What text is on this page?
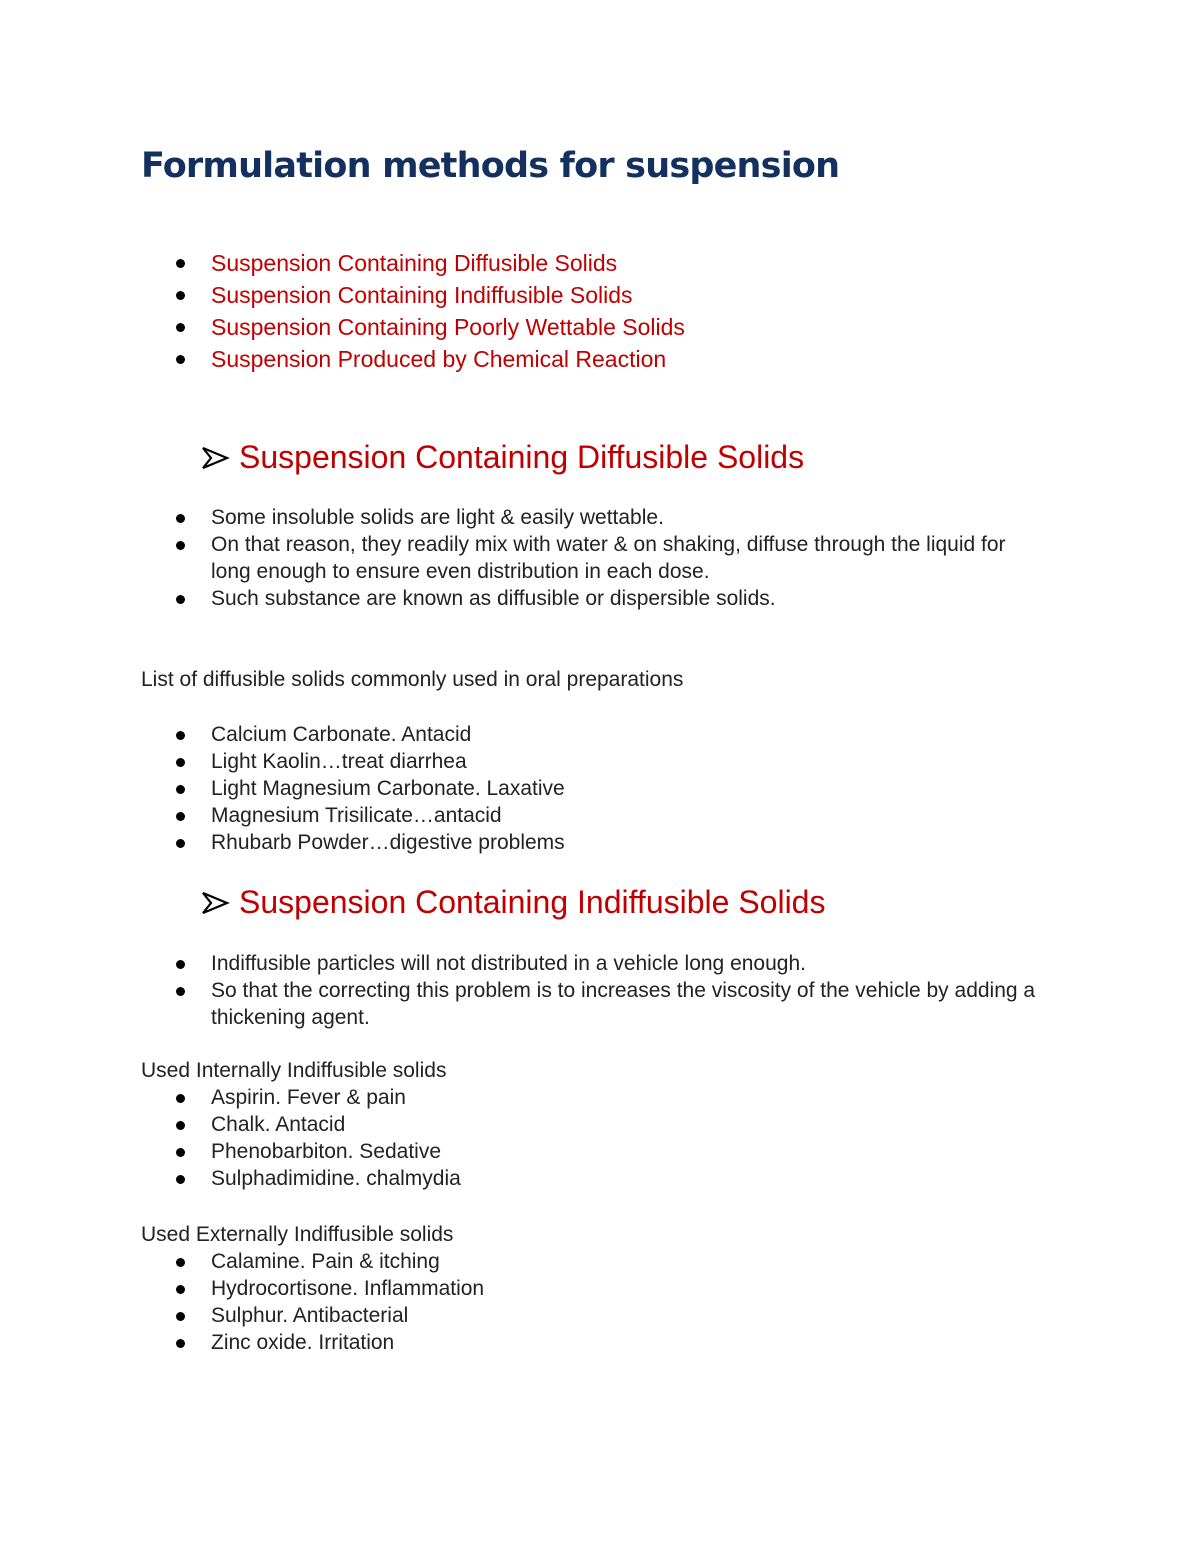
Formulation methods for suspension
Suspension Containing Diffusible Solids
Suspension Containing Indiffusible Solids
Suspension Containing Poorly Wettable Solids
Suspension Produced by Chemical Reaction
Suspension Containing Diffusible Solids
Some insoluble solids are light & easily wettable.
On that reason, they readily mix with water & on shaking, diffuse through the liquid for long enough to ensure even distribution in each dose.
Such substance are known as diffusible or dispersible solids.

List of diffusible solids commonly used in oral preparations

Calcium Carbonate. Antacid
Light Kaolin…treat diarrhea
Light Magnesium Carbonate. Laxative
Magnesium Trisilicate…antacid
Rhubarb Powder…digestive problems
Suspension Containing Indiffusible Solids
Indiffusible particles will not distributed in a vehicle long enough.
So that the correcting this problem is to increases the viscosity of the vehicle by adding a thickening agent.

Used Internally Indiffusible solids

Aspirin. Fever & pain
Chalk. Antacid
Phenobarbiton. Sedative
Sulphadimidine. chalmydia

Used Externally Indiffusible solids

Calamine. Pain & itching
Hydrocortisone. Inflammation
Sulphur. Antibacterial
Zinc oxide. Irritation
